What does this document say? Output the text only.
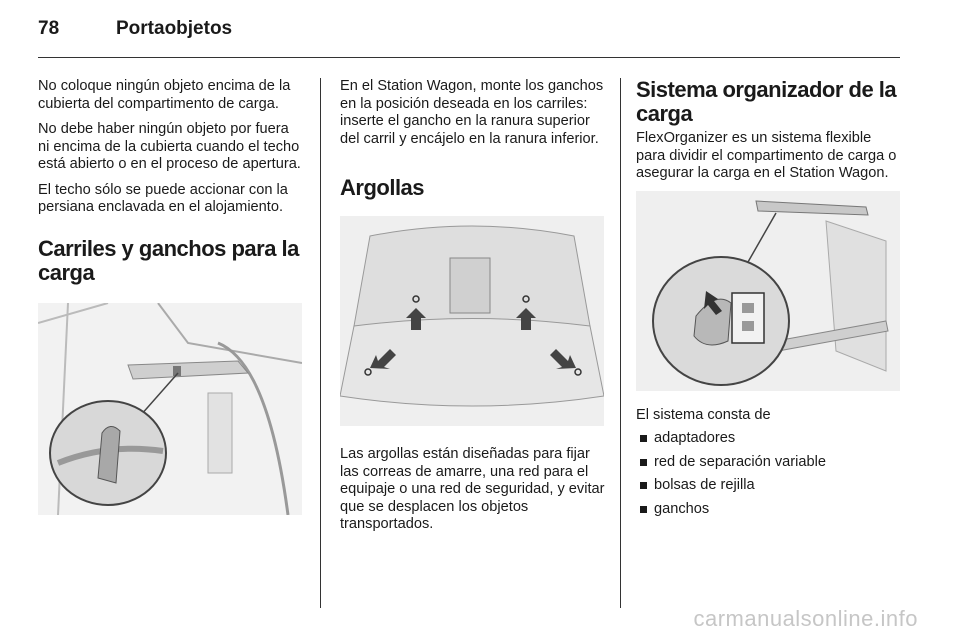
78	Portaobjetos

No coloque ningún objeto encima de la cubierta del compartimento de carga.

No debe haber ningún objeto por fuera ni encima de la cubierta cuando el techo está abierto o en el proceso de apertura.

El techo sólo se puede accionar con la persiana enclavada en el alojamiento.

Carriles y ganchos para la carga

En el Station Wagon, monte los ganchos en la posición deseada en los carriles: inserte el gancho en la ranura superior del carril y encájelo en la ranura inferior.

Argollas

Las argollas están diseñadas para fijar las correas de amarre, una red para el equipaje o una red de seguridad, y evitar que se desplacen los objetos transportados.

Sistema organizador de la carga

FlexOrganizer es un sistema flexible para dividir el compartimento de carga o asegurar la carga en el Station Wagon.

El sistema consta de

adaptadores
red de separación variable
bolsas de rejilla
ganchos
carmanualsonline.info
